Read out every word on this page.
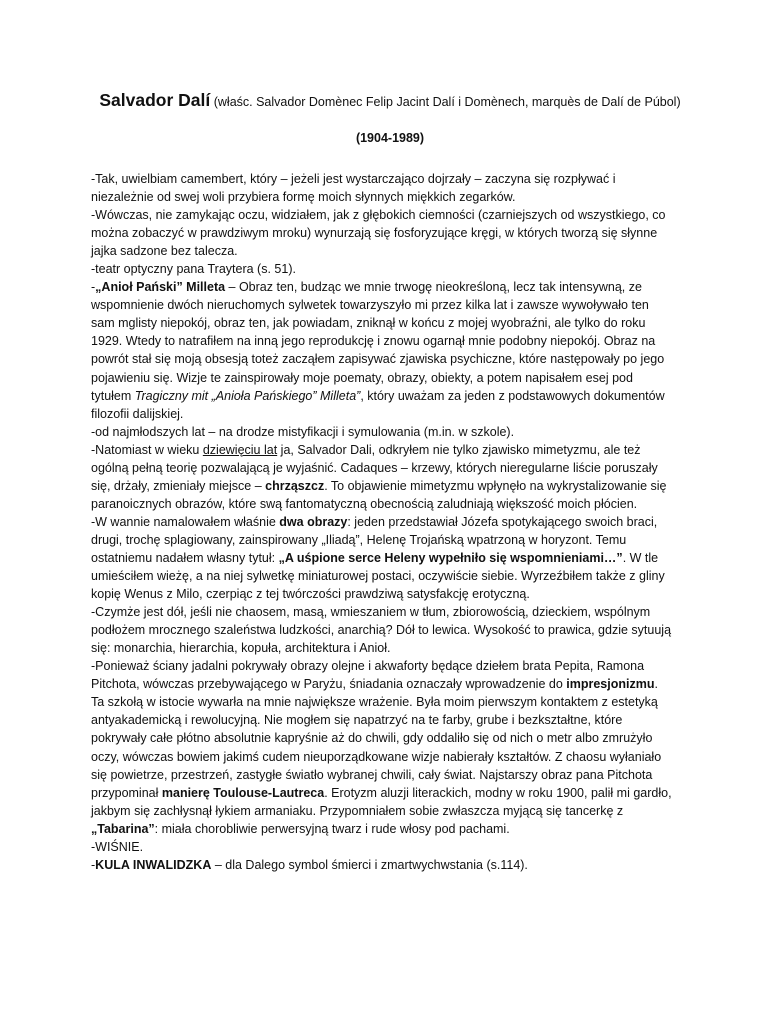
Salvador Dalí (właśc. Salvador Domènec Felip Jacint Dalí i Domènech, marquès de Dalí de Púbol)
(1904-1989)
-Tak, uwielbiam camembert, który – jeżeli jest wystarczająco dojrzały – zaczyna się rozpływać i niezależnie od swej woli przybiera formę moich słynnych miękkich zegarków.
-Wówczas, nie zamykając oczu, widziałem, jak z głębokich ciemności (czarniejszych od wszystkiego, co można zobaczyć w prawdziwym mroku) wynurzają się fosforyzujące kręgi, w których tworzą się słynne jajka sadzone bez talecza.
-teatr optyczny pana Traytera (s. 51).
-„Anioł Pański” Milleta – Obraz ten, budząc we mnie trwogę nieokreśloną, lecz tak intensywną, ze wspomnienie dwóch nieruchomych sylwetek towarzyszyło mi przez kilka lat i zawsze wywoływało ten sam mglisty niepokój, obraz ten, jak powiadam, zniknął w końcu z mojej wyobraźni, ale tylko do roku 1929. Wtedy to natrafiłem na inną jego reprodukcję i znowu ogarnął mnie podobny niepokój. Obraz na powrót stał się moją obsesją toteż zacząłem zapisywać zjawiska psychiczne, które następowały po jego pojawieniu się. Wizje te zainspirowały moje poematy, obrazy, obiekty, a potem napisałem esej pod tytułem Tragiczny mit „Anioła Pańskiego” Milleta”, który uważam za jeden z podstawowych dokumentów filozofii dalijskiej.
-od najmłodszych lat – na drodze mistyfikacji i symulowania (m.in. w szkole).
-Natomiast w wieku dziewięciu lat ja, Salvador Dali, odkryłem nie tylko zjawisko mimetyzmu, ale też ogólną pełną teorię pozwalającą je wyjaśnić. Cadaques – krzewy, których nieregularne liście poruszały się, drżały, zmieniały miejsce – chrząszcz. To objawienie mimetyzmu wpłynęło na wykrystalizowanie się paranoicznych obrazów, które swą fantomatyczną obecnością zaludniają większość moich płócien.
-W wannie namalowałem właśnie dwa obrazy: jeden przedstawiał Józefa spotykającego swoich braci, drugi, trochę splagiowany, zainspirowany „Iliadą”, Helenę Trojańską wpatrzoną w horyzont. Temu ostatniemu nadałem własny tytuł: „A uśpione serce Heleny wypełniło się wspomnieniami…”. W tle umieściłem wieżę, a na niej sylwetkę miniaturowej postaci, oczywiście siebie. Wyrzeźbiłem także z gliny kopię Wenus z Milo, czerpiąc z tej twórczości prawdziwą satysfakcję erotyczną.
-Czymże jest dół, jeśli nie chaosem, masą, wmieszaniem w tłum, zbiorowością, dzieckiem, wspólnym podłożem mrocznego szaleństwa ludzkości, anarchią? Dół to lewica. Wysokość to prawica, gdzie sytuują się: monarchia, hierarchia, kopuła, architektura i Anioł.
-Ponieważ ściany jadalni pokrywały obrazy olejne i akwaforty będące dziełem brata Pepita, Ramona Pitchota, wówczas przebywającego w Paryżu, śniadania oznaczały wprowadzenie do impresjonizmu. Ta szkołą w istocie wywarła na mnie największe wrażenie. Była moim pierwszym kontaktem z estetyką antyakademicką i rewolucyjną. Nie mogłem się napatrzyć na te farby, grube i bezkształtne, które pokrywały całe płótno absolutnie kapryśnie aż do chwili, gdy oddaliło się od nich o metr albo zmrużyło oczy, wówczas bowiem jakimś cudem nieuporządkowane wizje nabierały kształtów. Z chaosu wyłaniało się powietrze, przestrzeń, zastygłe światło wybranej chwili, cały świat. Najstarszy obraz pana Pitchota przypominał manierę Toulouse-Lautreca. Erotyzm aluzji literackich, modny w roku 1900, palił mi gardło, jakbym się zachłysnął łykiem armaniaku. Przypomniałem sobie zwłaszcza myjącą się tancerkę z „Tabarina”: miała chorobliwie perwersyjną twarz i rude włosy pod pachami.
-WIŚNIE.
-KULA INWALIDZKA – dla Dalego symbol śmierci i zmartwychwstania (s.114).
